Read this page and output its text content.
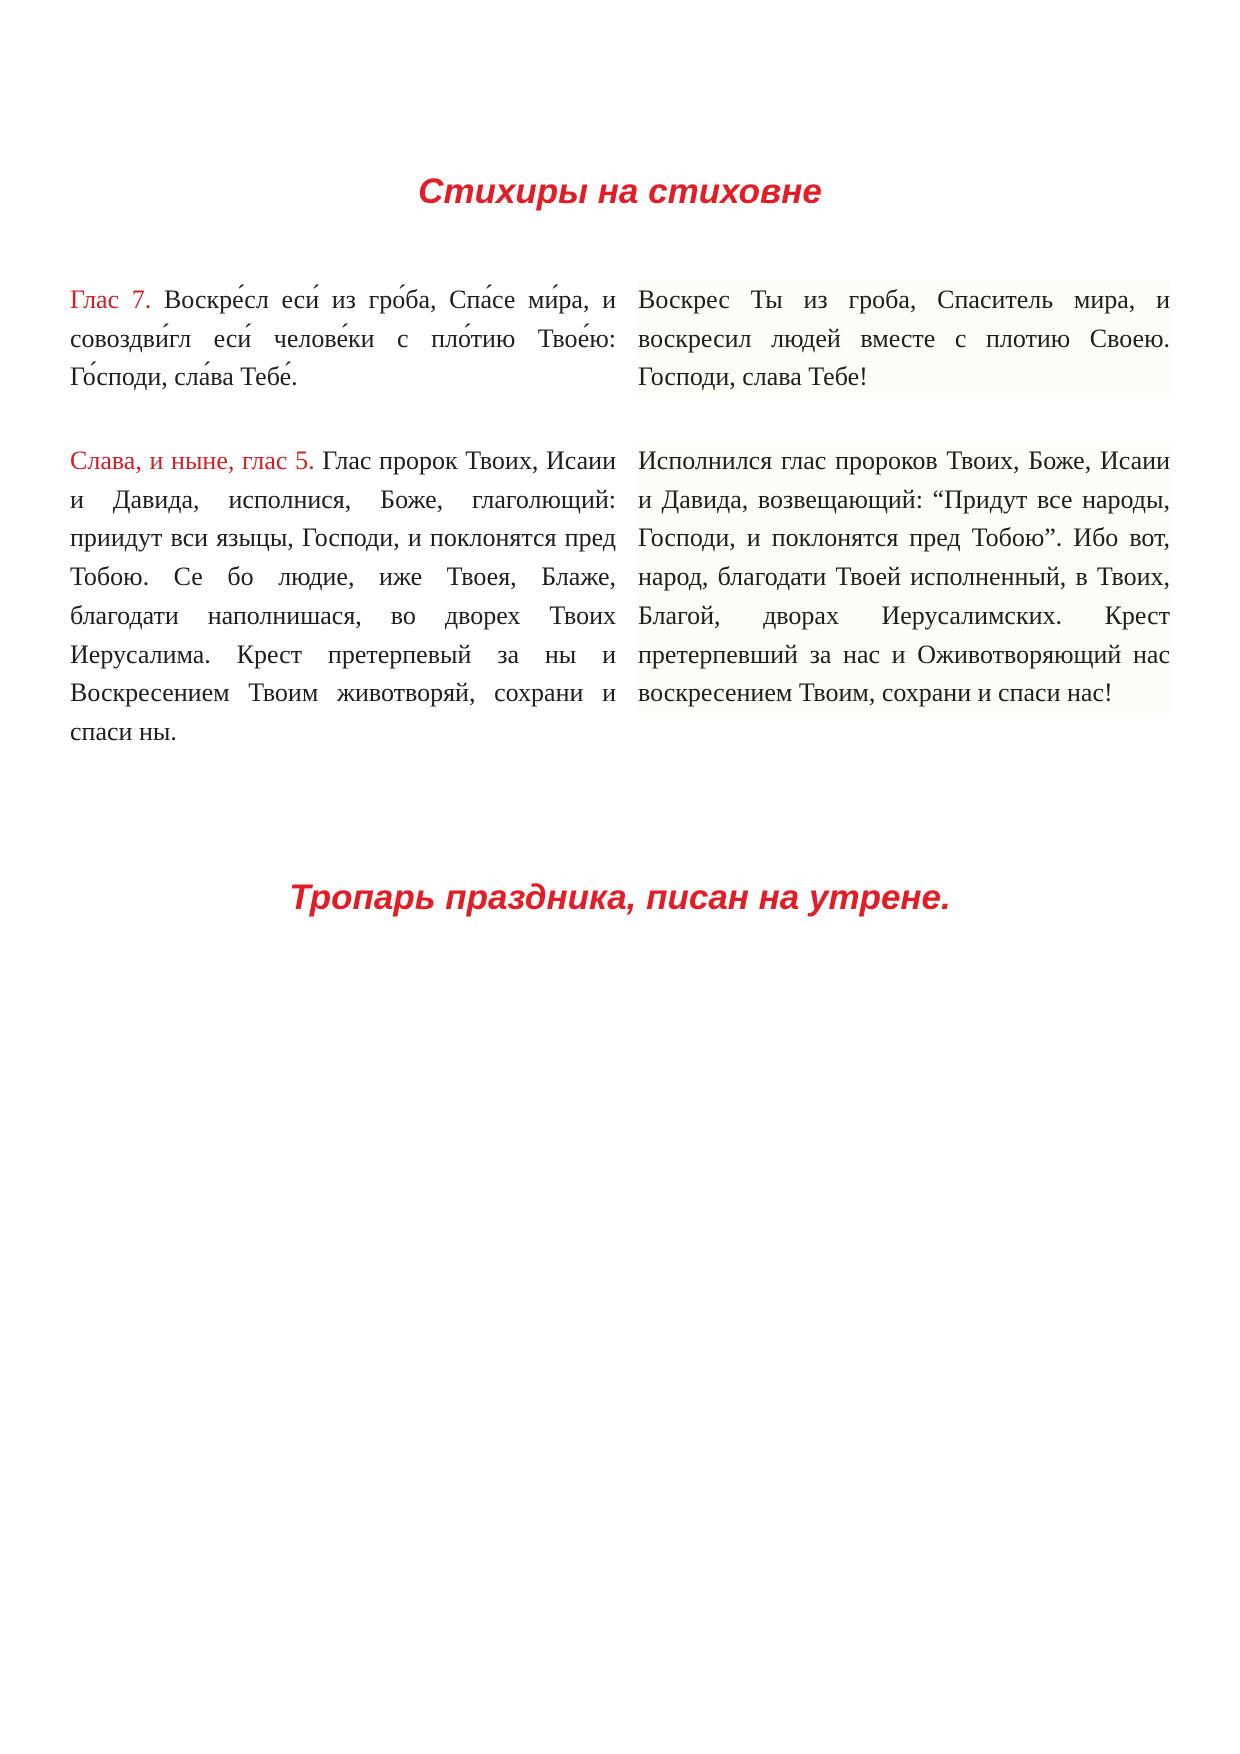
Стихиры на стиховне

Глас 7. Воскре́сл еси́ из гро́ба, Спа́се ми́ра, и совоздви́гл еси́ челове́ки с пло́тию Твое́ю: Го́споди, сла́ва Тебе́.

Воскрес Ты из гроба, Спаситель мира, и воскресил людей вместе с плотию Своею. Господи, слава Тебе!

Слава, и ныне, глас 5. Глас пророк Твоих, Исаии и Давида, исполнися, Боже, глаголющий: приидут вси языцы, Господи, и поклонятся пред Тобою. Се бо людие, иже Твоея, Блаже, благодати наполнишася, во дворех Твоих Иерусалима. Крест претерпевый за ны и Воскресением Твоим животворяй, сохрани и спаси ны.

Исполнился глас пророков Твоих, Боже, Исаии и Давида, возвещающий: “Придут все народы, Господи, и поклонятся пред Тобою”. Ибо вот, народ, благодати Твоей исполненный, в Твоих, Благой, дворах Иерусалимских. Крест претерпевший за нас и Оживотворяющий нас воскресением Твоим, сохрани и спаси нас!

Тропарь праздника, писан на утрене.
